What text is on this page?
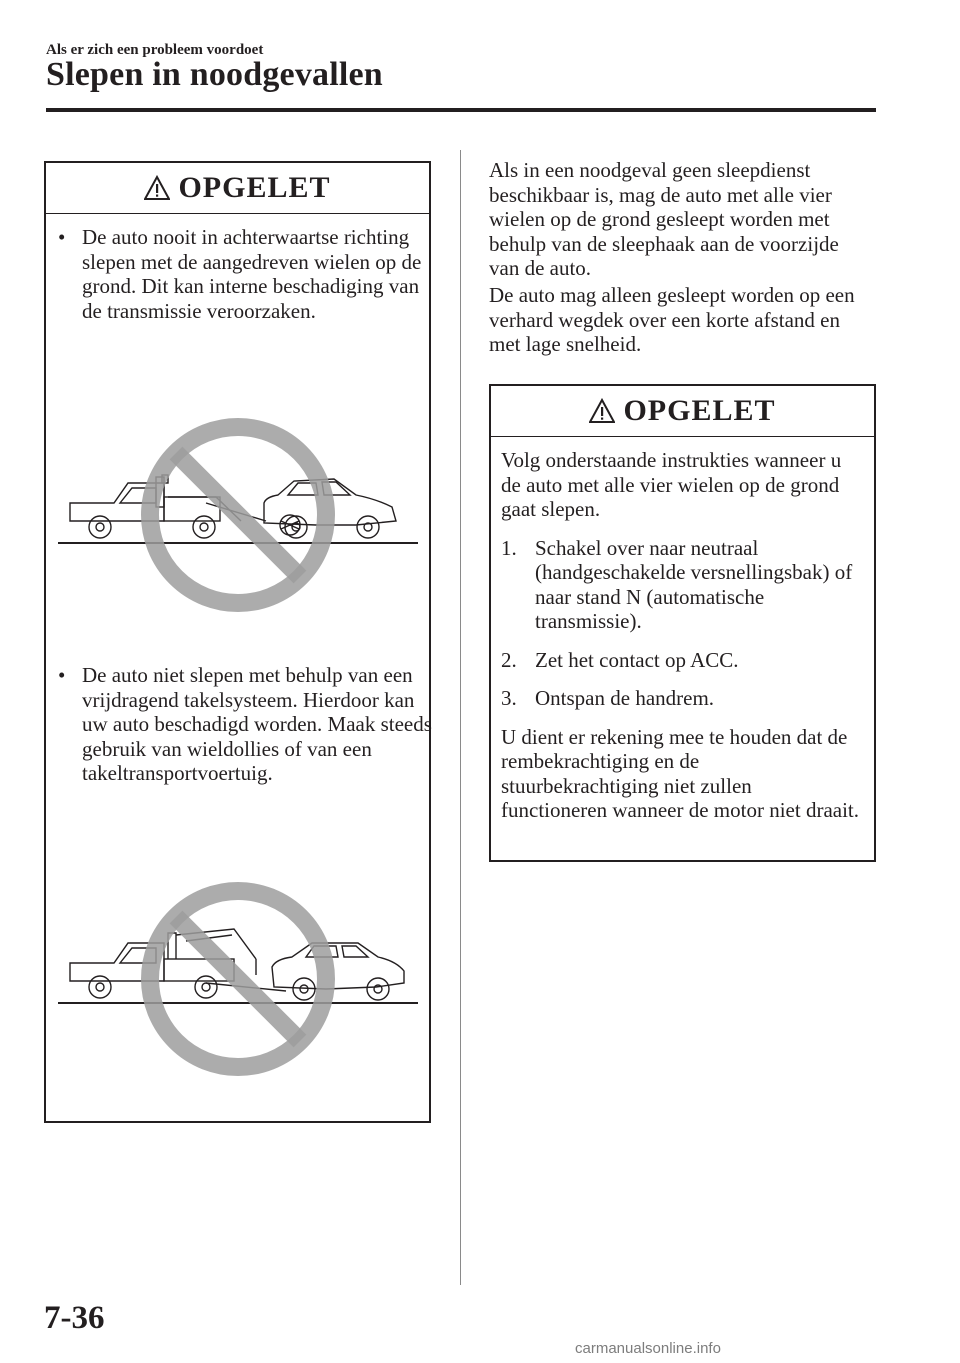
Als er zich een probleem voordoet
Slepen in noodgevallen
OPGELET
• De auto nooit in achterwaartse richting slepen met de aangedreven wielen op de grond. Dit kan interne beschadiging van de transmissie veroorzaken.
• De auto niet slepen met behulp van een vrijdragend takelsysteem. Hierdoor kan uw auto beschadigd worden. Maak steeds gebruik van wieldollies of van een takeltransportvoertuig.
Als in een noodgeval geen sleepdienst beschikbaar is, mag de auto met alle vier wielen op de grond gesleept worden met behulp van de sleephaak aan de voorzijde van de auto.
De auto mag alleen gesleept worden op een verhard wegdek over een korte afstand en met lage snelheid.
OPGELET
Volg onderstaande instrukties wanneer u de auto met alle vier wielen op de grond gaat slepen.
1. Schakel over naar neutraal (handgeschakelde versnellingsbak) of naar stand N (automatische transmissie).
2. Zet het contact op ACC.
3. Ontspan de handrem.
U dient er rekening mee te houden dat de rembekrachtiging en de stuurbekrachtiging niet zullen functioneren wanneer de motor niet draait.
7-36
carmanualsonline.info
